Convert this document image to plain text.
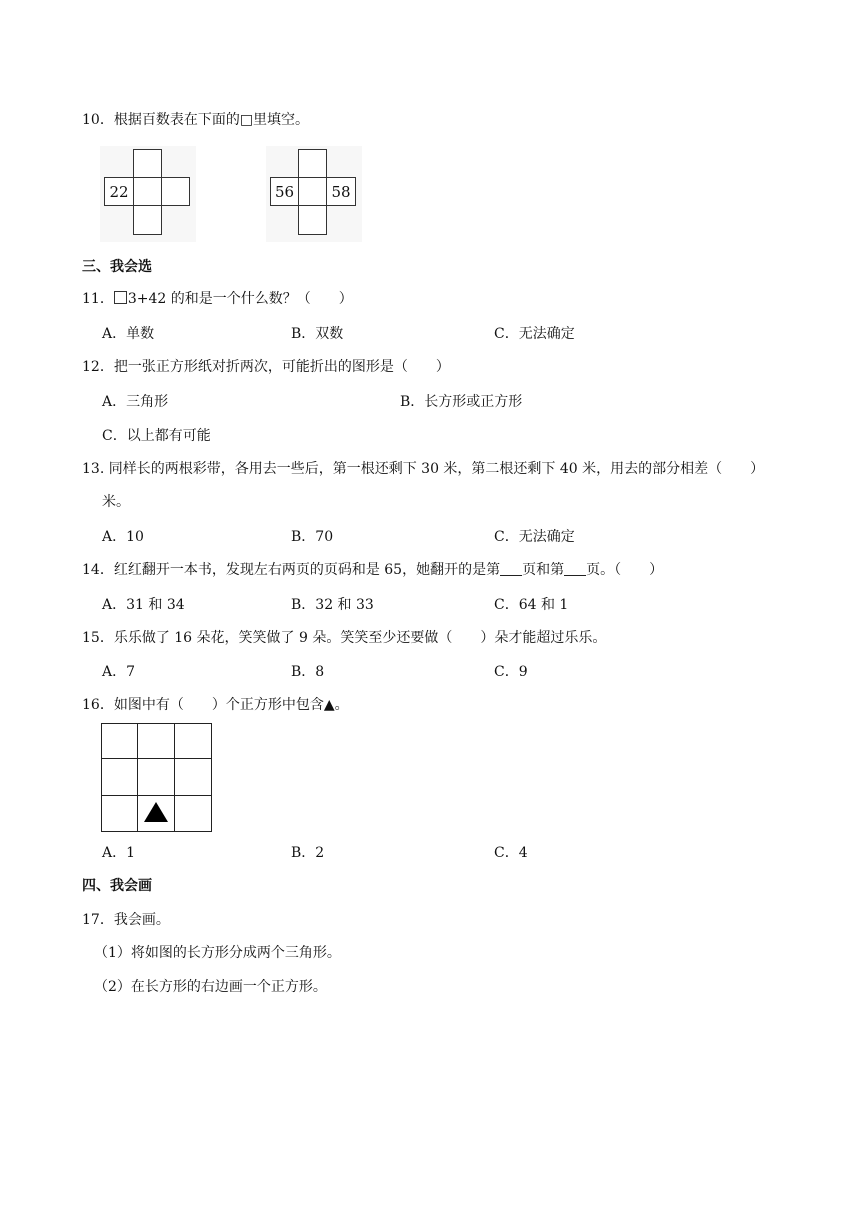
10．根据百数表在下面的□里填空。
22	56	58
三、我会选
11． 3+42 的和是一个什么数？（　　）
A．单数	B．双数	C．无法确定
12．把一张正方形纸对折两次，可能折出的图形是（　　）
A．三角形	B．长方形或正方形
C．以上都有可能
13. 同样长的两根彩带，各用去一些后，第一根还剩下 30 米，第二根还剩下 40 米，用去的部分相差（　　）
米。
A．10	B．70	C．无法确定
14．红红翻开一本书，发现左右两页的页码和是 65，她翻开的是第 页和第 页。（　　）
A．31 和 34	B．32 和 33	C．64 和 1
15．乐乐做了 16 朵花，笑笑做了 9 朵。笑笑至少还要做（　　）朵才能超过乐乐。
A．7	B．8	C．9
16．如图中有（　　）个正方形中包含▲。
A．1	B．2	C．4
四、我会画
17．我会画。
（1）将如图的长方形分成两个三角形。
（2）在长方形的右边画一个正方形。
